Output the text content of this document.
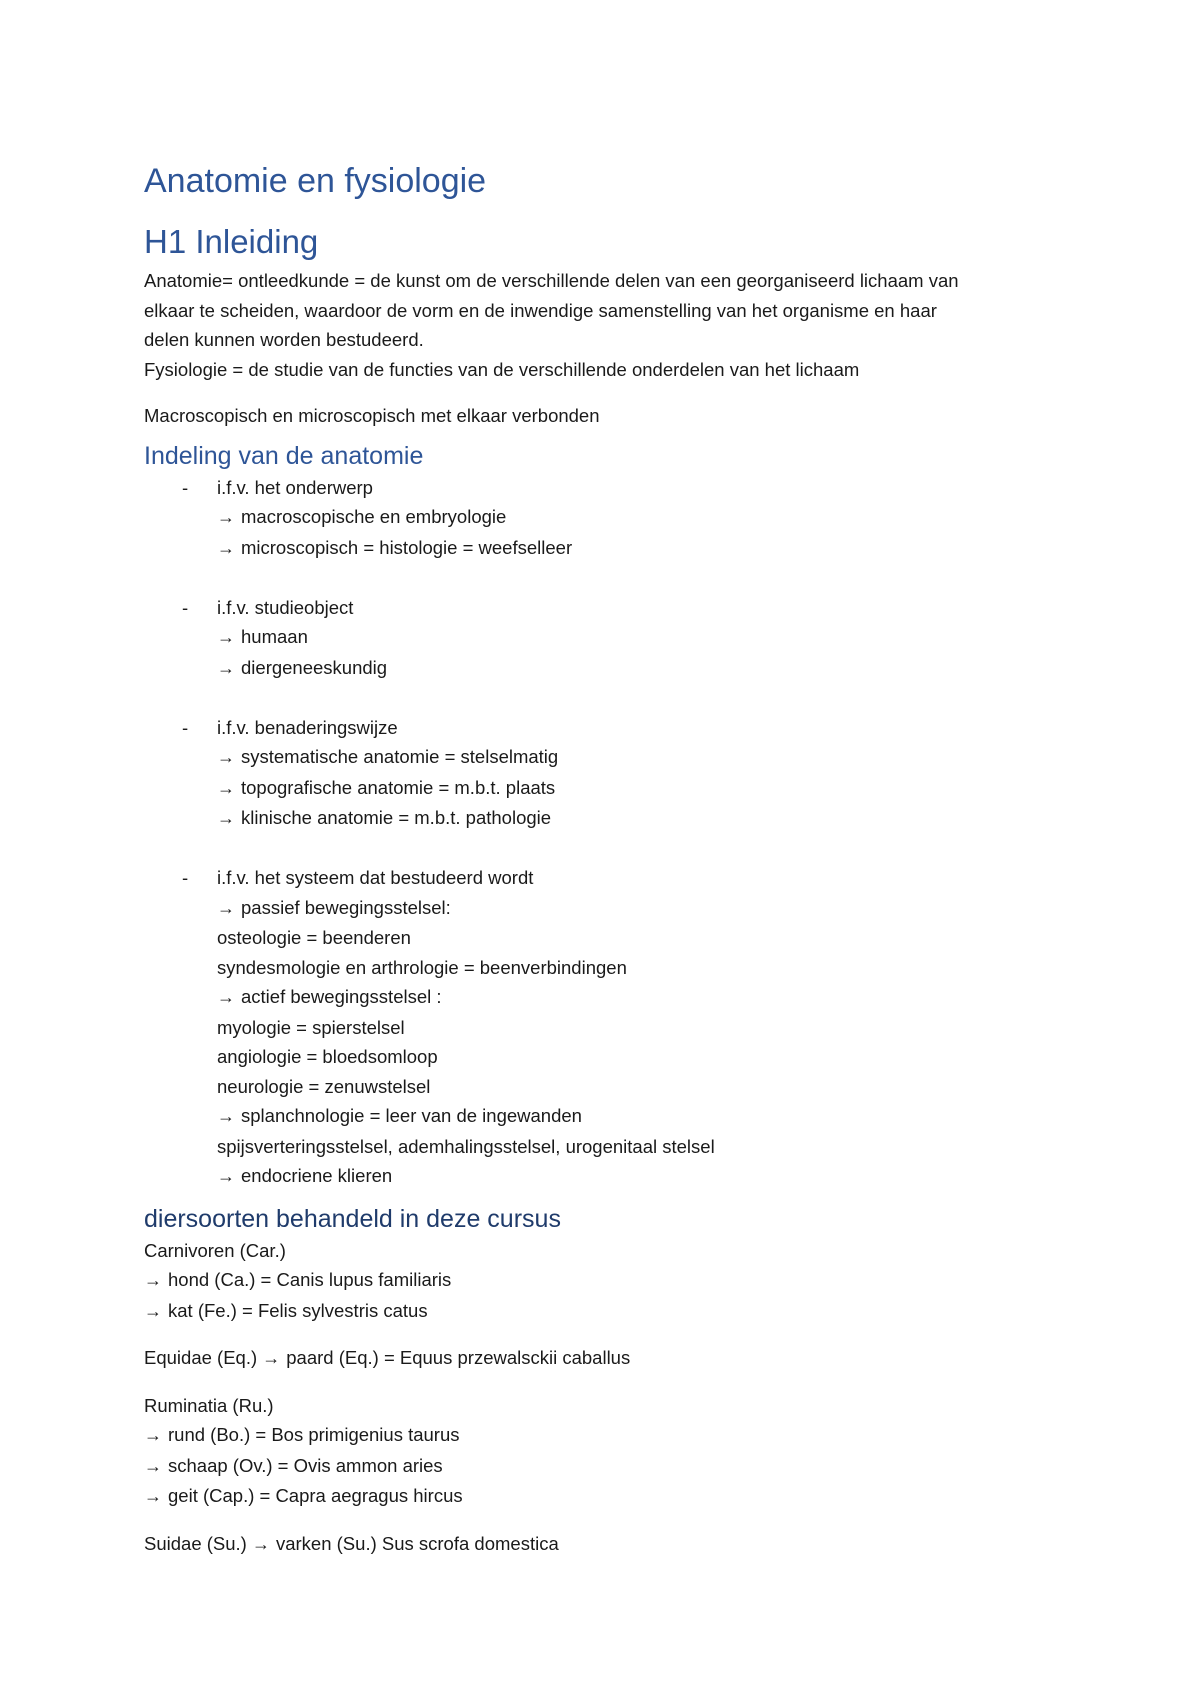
Anatomie en fysiologie
H1 Inleiding
Anatomie= ontleedkunde = de kunst om de verschillende delen van een georganiseerd lichaam van
elkaar te scheiden, waardoor de vorm en de inwendige samenstelling van het organisme en haar
delen kunnen worden bestudeerd.
Fysiologie = de studie van de functies van de verschillende onderdelen van het lichaam
Macroscopisch en microscopisch met elkaar verbonden
Indeling van de anatomie
- i.f.v. het onderwerp
→ macroscopische en embryologie
→ microscopisch = histologie = weefselleer
- i.f.v. studieobject
→ humaan
→ diergeneeskundig
- i.f.v. benaderingswijze
→ systematische anatomie = stelselmatig
→ topografische anatomie = m.b.t. plaats
→ klinische anatomie = m.b.t. pathologie
- i.f.v. het systeem dat bestudeerd wordt
→ passief bewegingsstelsel:
osteologie = beenderen
syndesmologie en arthrologie = beenverbindingen
→ actief bewegingsstelsel :
myologie = spierstelsel
angiologie = bloedsomloop
neurologie = zenuwstelsel
→ splanchnologie = leer van de ingewanden
spijsverteringsstelsel, ademhalingsstelsel, urogenitaal stelsel
→ endocriene klieren
diersoorten behandeld in deze cursus
Carnivoren (Car.)
→ hond (Ca.) = Canis lupus familiaris
→ kat (Fe.) = Felis sylvestris catus
Equidae (Eq.) → paard (Eq.) = Equus przewalsckii caballus
Ruminatia (Ru.)
→ rund (Bo.) = Bos primigenius taurus
→ schaap (Ov.) = Ovis ammon aries
→ geit (Cap.) = Capra aegragus hircus
Suidae (Su.) → varken (Su.) Sus scrofa domestica
